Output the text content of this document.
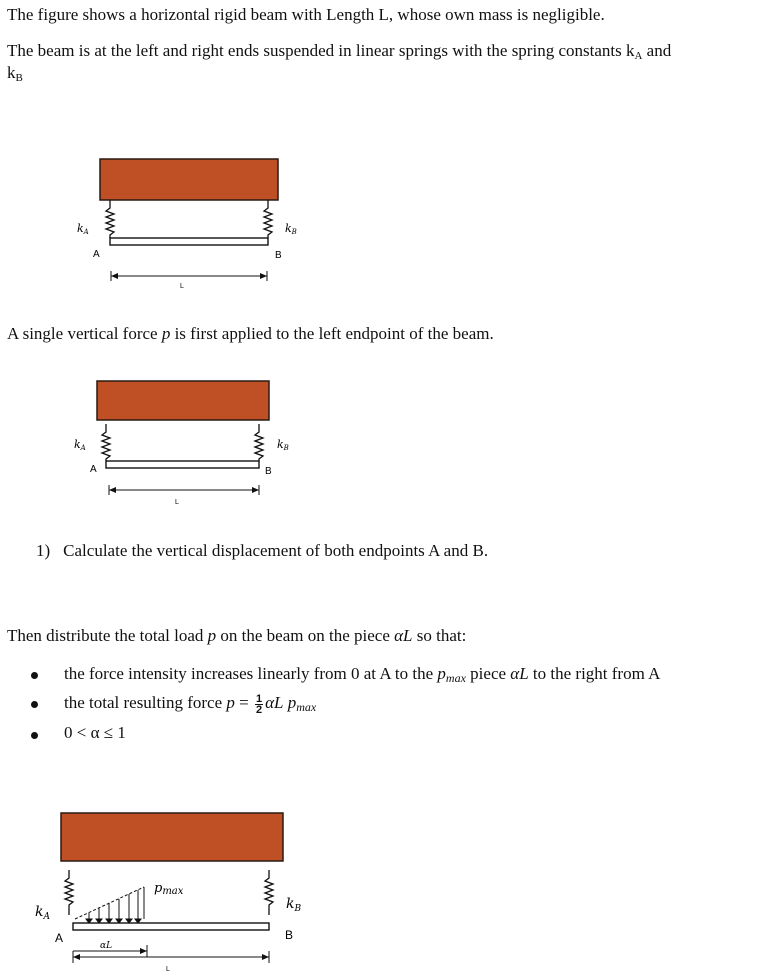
The figure shows a horizontal rigid beam with Length L, whose own mass is negligible.
The beam is at the left and right ends suspended in linear springs with the spring constants $k_A$ and
$k_B$
kA	kB
A	B
L
A single vertical force p is first applied to the left endpoint of the beam.
kA	kB
A	B
L
1) Calculate the vertical displacement of both endpoints A and B.
Then distribute the total load p on the beam on the piece αL so that:
the force intensity increases linearly from 0 at A to the pmax piece αL to the right from A
the total resulting force $p = \frac{1}{2}$ αL pmax
0 < α ≤ 1
$k_A$
$k_B$
A	B
pmax
αL
L
